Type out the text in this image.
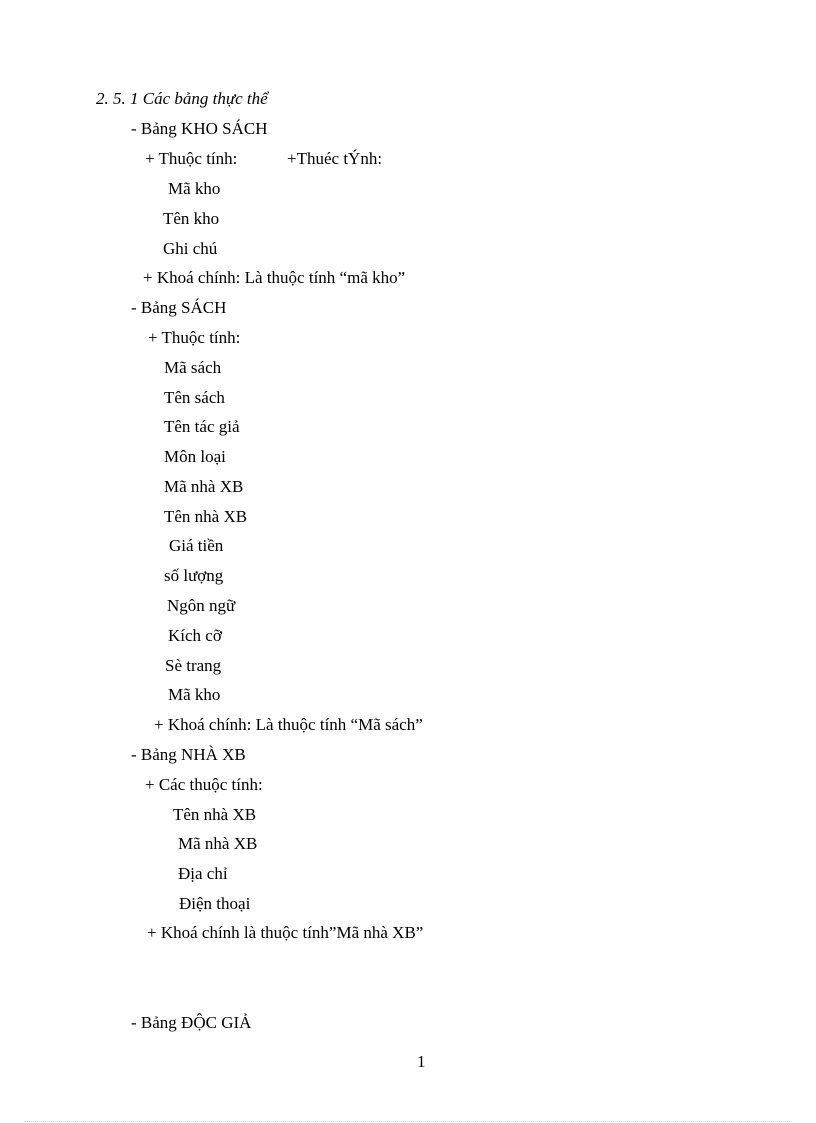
2. 5. 1 Các bảng thực thể
- Bảng KHO SÁCH
+ Thuộc tính:	+Thuéc tÝnh:
Mã kho
Tên kho
Ghi chú
+ Khoá chính: Là thuộc tính “mã kho”
- Bảng SÁCH
+ Thuộc tính:
Mã sách
Tên sách
Tên tác giả
Môn loại
Mã nhà XB
Tên nhà XB
Giá tiền
số lượng
Ngôn ngữ
Kích cỡ
Sè trang
Mã kho
+ Khoá chính: Là thuộc tính “Mã sách”
- Bảng NHÀ XB
+ Các thuộc tính:
Tên nhà XB
Mã nhà XB
Địa chỉ
Điện thoại
+ Khoá chính là thuộc tính”Mã nhà XB”
- Bảng ĐỘC GIẢ
1
